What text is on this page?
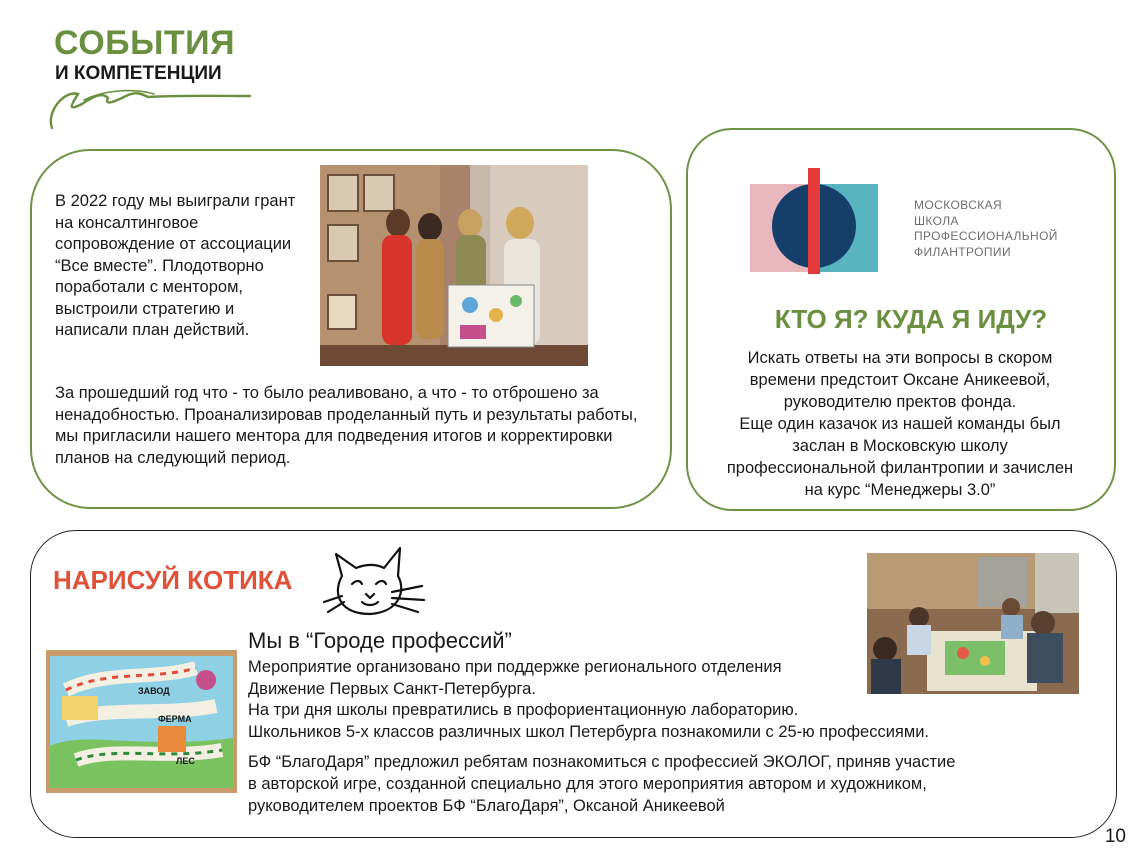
СОБЫТИЯ
И КОМПЕТЕНЦИИ
В 2022 году мы выиграли грант на консалтинговое сопровождение от ассоциации “Все вместе”. Плодотворно поработали с ментором, выстроили стратегию и написали план действий.
За прошедший год что - то было реаливовано, а что - то отброшено за ненадобностью. Проанализировав проделанный путь и результаты работы, мы пригласили нашего ментора для подведения итогов и корректировки планов на следующий период.
МОСКОВСКАЯ
ШКОЛА
ПРОФЕССИОНАЛЬНОЙ
ФИЛАНТРОПИИ
КТО Я? КУДА Я ИДУ?
Искать ответы на эти вопросы в скором
времени предстоит Оксане Аникеевой,
руководителю пректов фонда.
Еще один казачок из нашей команды был
заслан в Московскую школу
профессиональной филантропии и зачислен
на курс “Менеджеры 3.0”
НАРИСУЙ КОТИКА
ЗАВОД
ФЕРМА
ЛЕС
Мы в “Городе профессий”
Мероприятие организовано при поддержке регионального отделения
Движение Первых Санкт-Петербурга.
На три дня школы превратились в профориентационную лабораторию.
Школьников 5-х классов различных школ Петербурга познакомили с 25-ю профессиями.
БФ “БлагоДаря” предложил ребятам познакомиться с профессией ЭКОЛОГ, приняв участие
в авторской игре, созданной специально для этого мероприятия автором и художником,
руководителем проектов БФ “БлагоДаря”, Оксаной Аникеевой
10
